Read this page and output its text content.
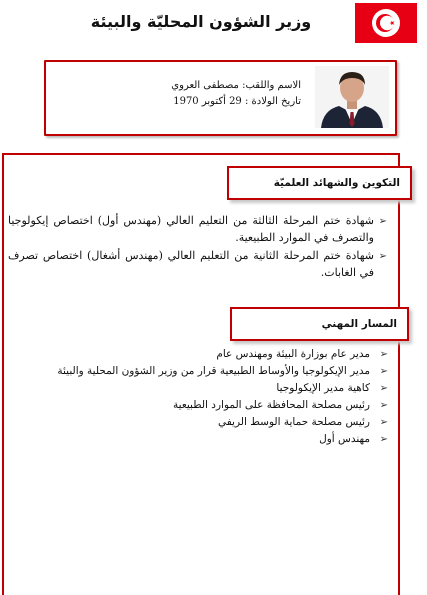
وزير الشؤون المحليّة والبيئة
الاسم واللقب: مصطفى العروي
تاريخ الولادة : 29 أكتوبر 1970
التكوين والشهائد العلميّة
➢
شهادة ختم المرحلة الثالثة من التعليم العالي (مهندس أول) اختصاص إيكولوجيا والتصرف في الموارد الطبيعية.
➢
شهادة ختم المرحلة الثانية من التعليم العالي (مهندس أشغال) اختصاص تصرف في الغابات.
المسار المهني
➢
مدير عام بوزارة البيئة ومهندس عام
➢
مدير الإيكولوجيا والأوساط الطبيعية قرار من وزير الشؤون المحلية والبيئة
➢
كاهية مدير الإيكولوجيا
➢
رئيس مصلحة المحافظة على الموارد الطبيعية
➢
رئيس مصلحة حماية الوسط الريفي
➢
مهندس أول
